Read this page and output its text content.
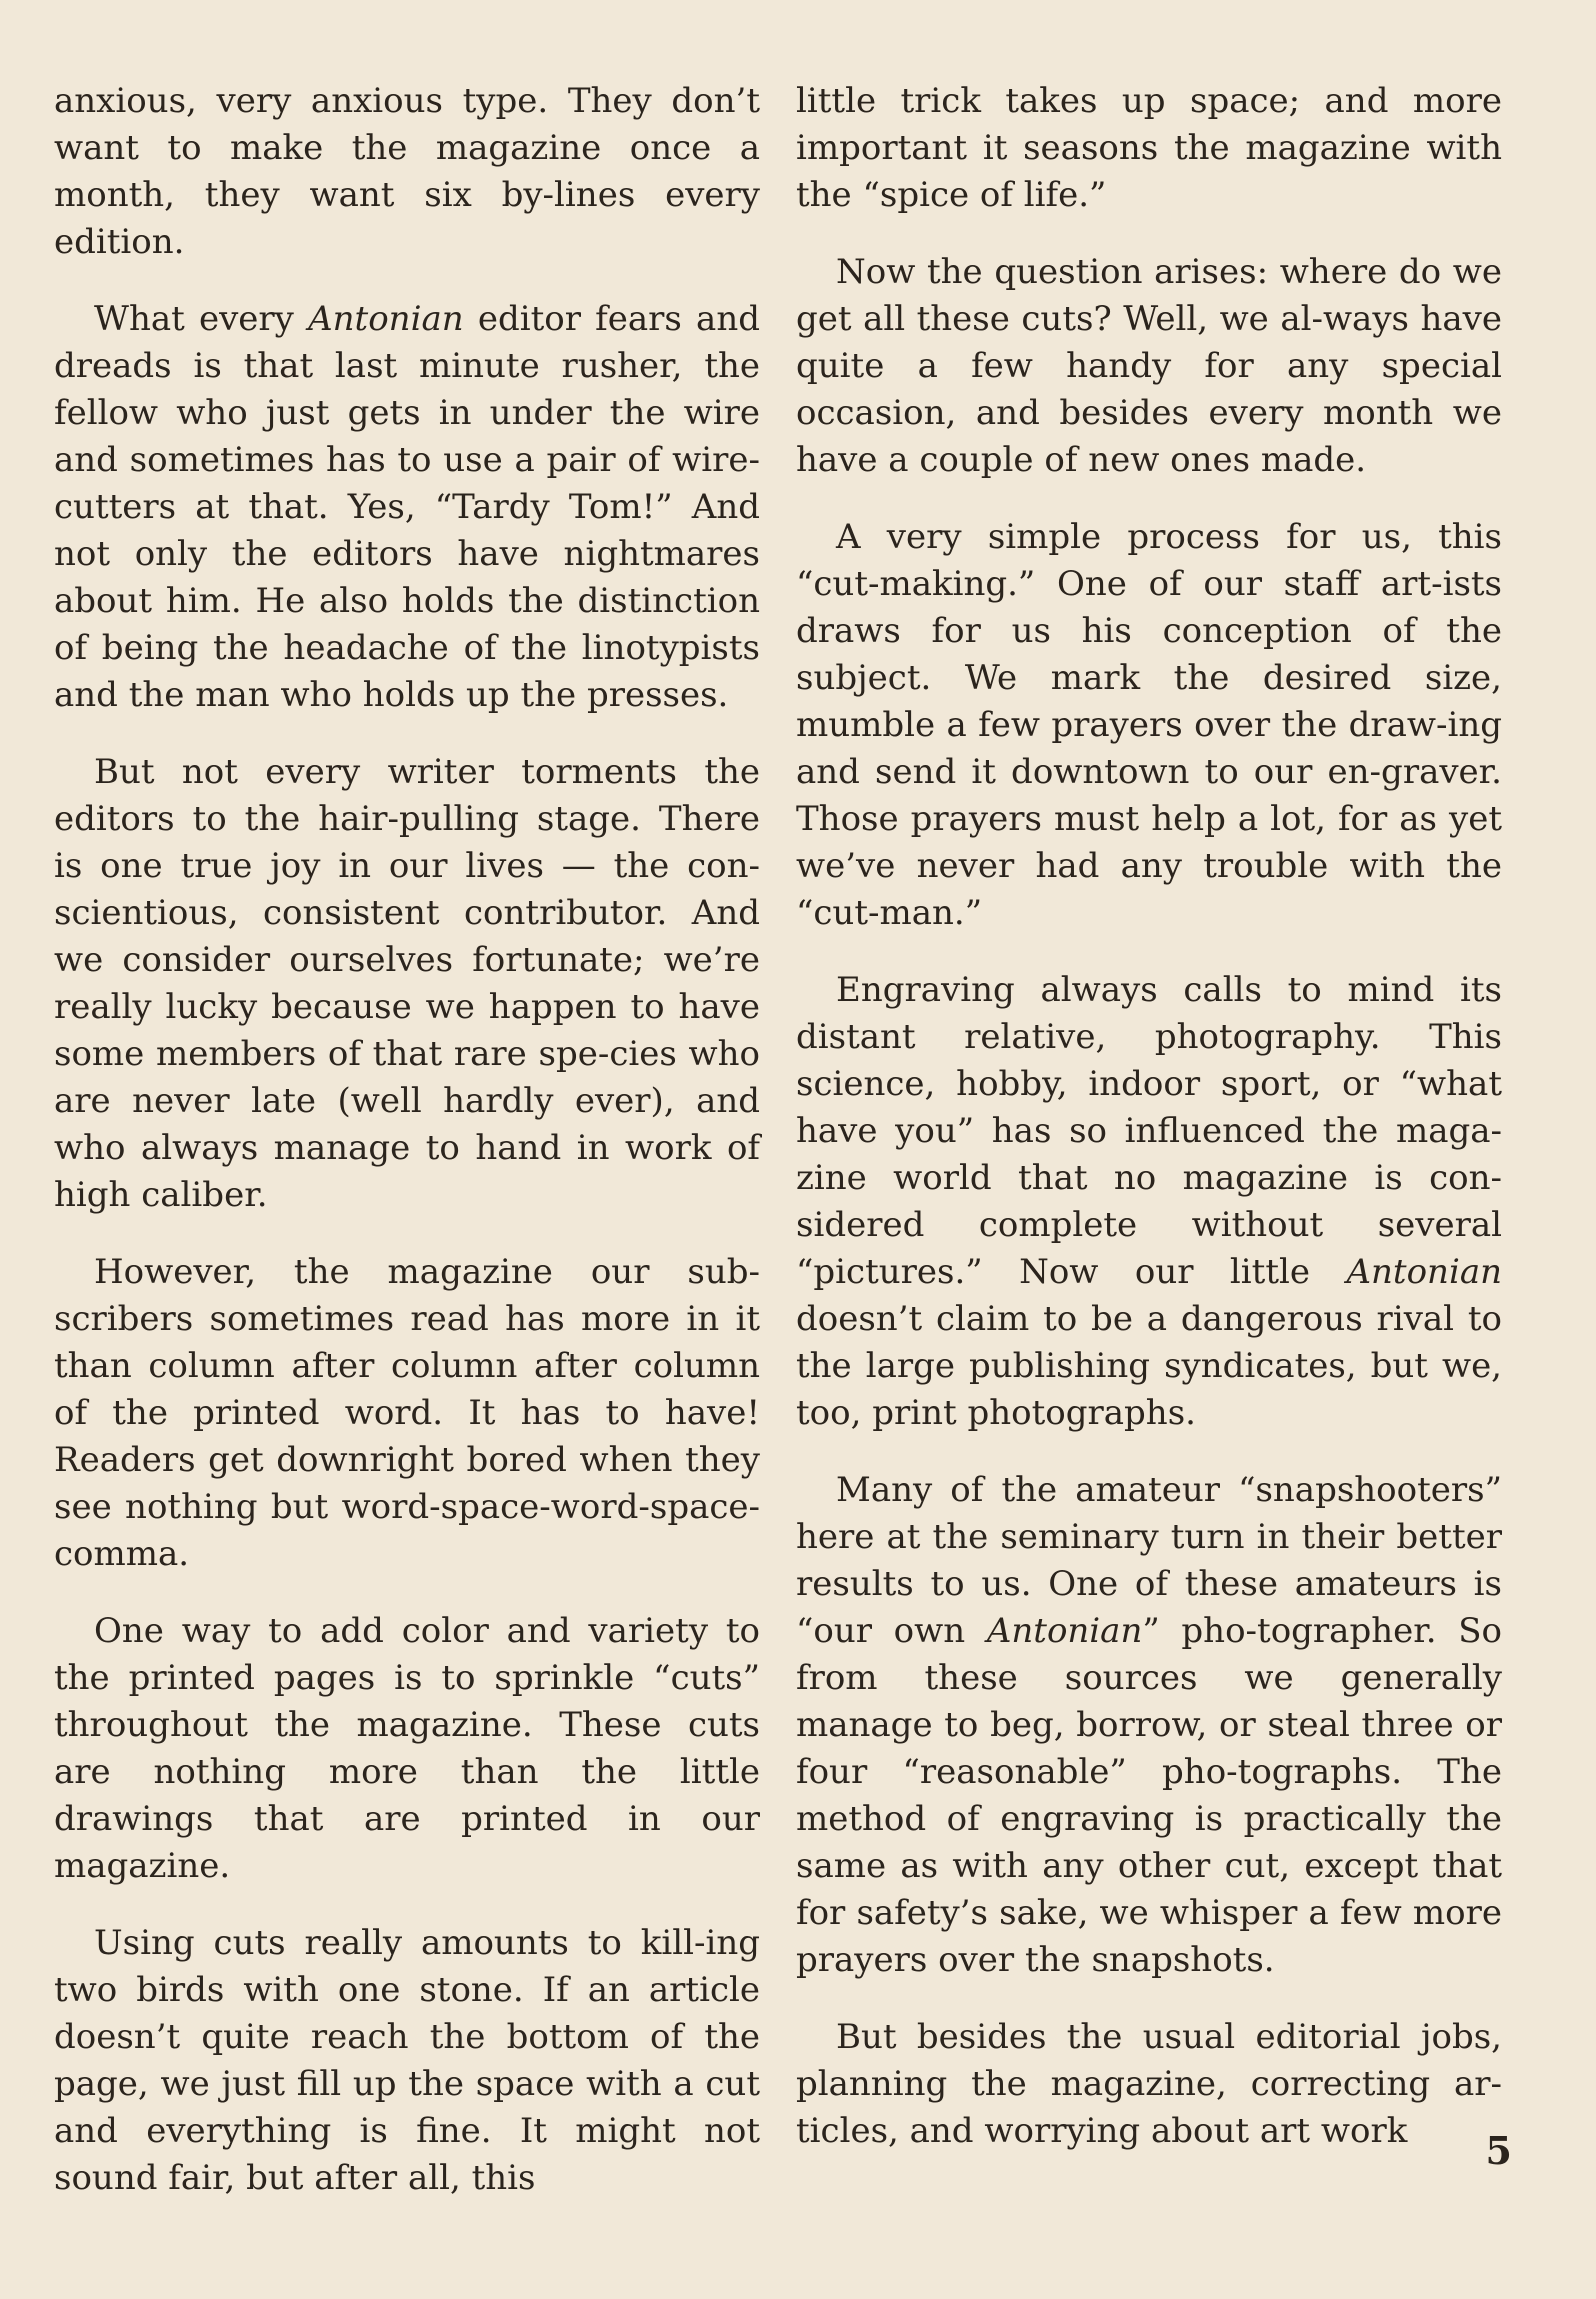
anxious, very anxious type. They don’t want to make the magazine once a month, they want six by-lines every edition.

What every Antonian editor fears and dreads is that last minute rusher, the fellow who just gets in under the wire and sometimes has to use a pair of wire-cutters at that. Yes, “Tardy Tom!” And not only the editors have nightmares about him. He also holds the distinction of being the headache of the linotypists and the man who holds up the presses.

But not every writer torments the editors to the hair-pulling stage. There is one true joy in our lives — the con-scientious, consistent contributor. And we consider ourselves fortunate; we’re really lucky because we happen to have some members of that rare spe-cies who are never late (well hardly ever), and who always manage to hand in work of high caliber.

However, the magazine our sub-scribers sometimes read has more in it than column after column after column of the printed word. It has to have! Readers get downright bored when they see nothing but word-space-word-space-comma.

One way to add color and variety to the printed pages is to sprinkle “cuts” throughout the magazine. These cuts are nothing more than the little drawings that are printed in our magazine.

Using cuts really amounts to kill-ing two birds with one stone. If an article doesn’t quite reach the bottom of the page, we just fill up the space with a cut and everything is fine. It might not sound fair, but after all, this

little trick takes up space; and more important it seasons the magazine with the “spice of life.”

Now the question arises: where do we get all these cuts? Well, we al-ways have quite a few handy for any special occasion, and besides every month we have a couple of new ones made.

A very simple process for us, this “cut-making.” One of our staff art-ists draws for us his conception of the subject. We mark the desired size, mumble a few prayers over the draw-ing and send it downtown to our en-graver. Those prayers must help a lot, for as yet we’ve never had any trouble with the “cut-man.”

Engraving always calls to mind its distant relative, photography. This science, hobby, indoor sport, or “what have you” has so influenced the maga-zine world that no magazine is con-sidered complete without several “pictures.” Now our little Antonian doesn’t claim to be a dangerous rival to the large publishing syndicates, but we, too, print photographs.

Many of the amateur “snapshooters” here at the seminary turn in their better results to us. One of these amateurs is “our own Antonian” pho-tographer. So from these sources we generally manage to beg, borrow, or steal three or four “reasonable” pho-tographs. The method of engraving is practically the same as with any other cut, except that for safety’s sake, we whisper a few more prayers over the snapshots.

But besides the usual editorial jobs, planning the magazine, correcting ar-ticles, and worrying about art work	5
